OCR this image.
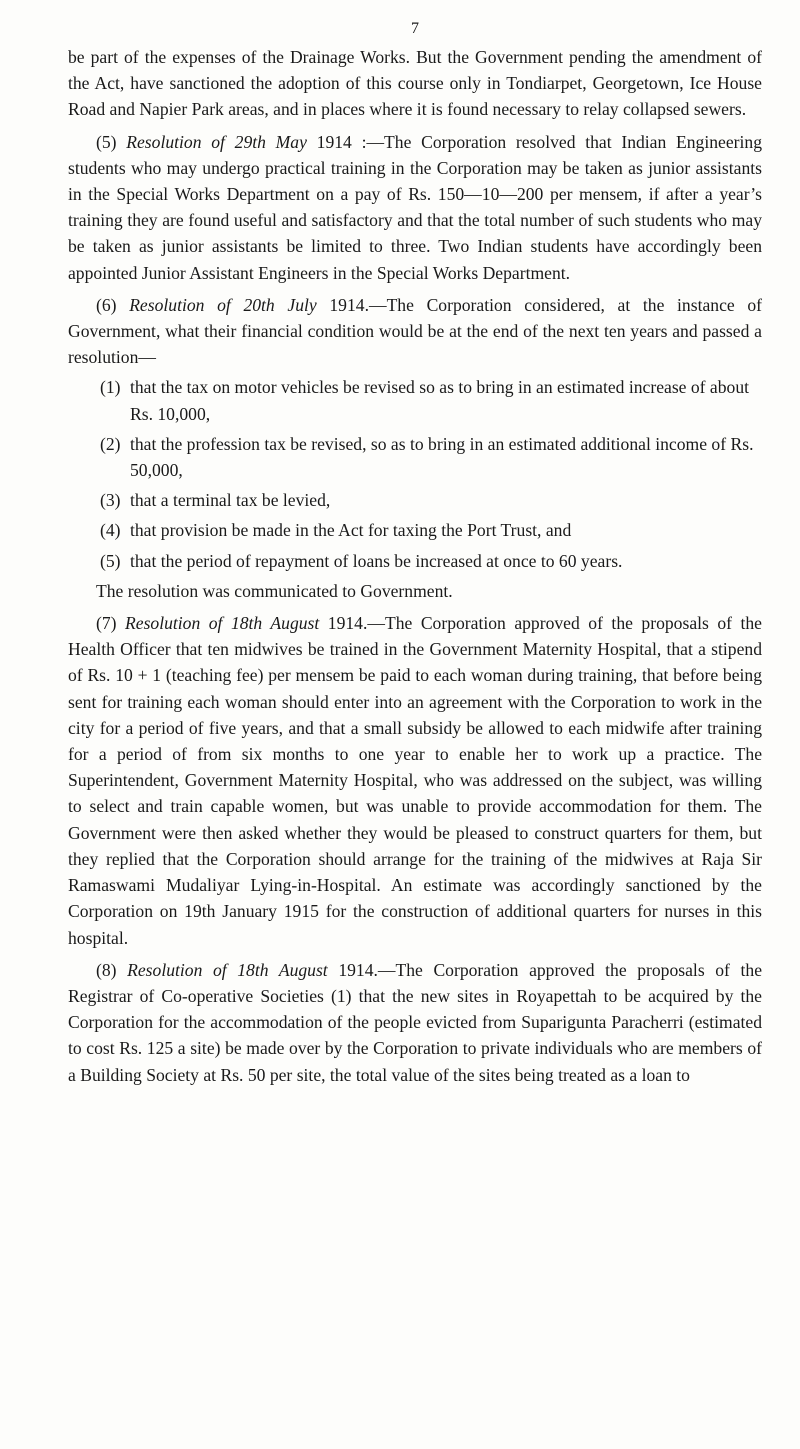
7

be part of the expenses of the Drainage Works. But the Government pending the amendment of the Act, have sanctioned the adoption of this course only in Tondiarpet, Georgetown, Ice House Road and Napier Park areas, and in places where it is found necessary to relay collapsed sewers.

(5) Resolution of 29th May 1914 :—The Corporation resolved that Indian Engineering students who may undergo practical training in the Corporation may be taken as junior assistants in the Special Works Department on a pay of Rs. 150—10—200 per mensem, if after a year’s training they are found useful and satisfactory and that the total number of such students who may be taken as junior assistants be limited to three. Two Indian students have accordingly been appointed Junior Assistant Engineers in the Special Works Department.

(6) Resolution of 20th July 1914.—The Corporation considered, at the instance of Government, what their financial condition would be at the end of the next ten years and passed a resolution—

(1) that the tax on motor vehicles be revised so as to bring in an estimated increase of about Rs. 10,000,
(2) that the profession tax be revised, so as to bring in an estimated additional income of Rs. 50,000,
(3) that a terminal tax be levied,
(4) that provision be made in the Act for taxing the Port Trust, and
(5) that the period of repayment of loans be increased at once to 60 years.

The resolution was communicated to Government.

(7) Resolution of 18th August 1914.—The Corporation approved of the proposals of the Health Officer that ten midwives be trained in the Government Maternity Hospital, that a stipend of Rs. 10 + 1 (teaching fee) per mensem be paid to each woman during training, that before being sent for training each woman should enter into an agreement with the Corporation to work in the city for a period of five years, and that a small subsidy be allowed to each midwife after training for a period of from six months to one year to enable her to work up a practice. The Superintendent, Government Maternity Hospital, who was addressed on the subject, was willing to select and train capable women, but was unable to provide accommodation for them. The Government were then asked whether they would be pleased to construct quarters for them, but they replied that the Corporation should arrange for the training of the midwives at Raja Sir Ramaswami Mudaliyar Lying-in-Hospital. An estimate was accordingly sanctioned by the Corporation on 19th January 1915 for the construction of additional quarters for nurses in this hospital.

(8) Resolution of 18th August 1914.—The Corporation approved the proposals of the Registrar of Co-operative Societies (1) that the new sites in Royapettah to be acquired by the Corporation for the accommodation of the people evicted from Suparigunta Paracherri (estimated to cost Rs. 125 a site) be made over by the Corporation to private individuals who are members of a Building Society at Rs. 50 per site, the total value of the sites being treated as a loan to
